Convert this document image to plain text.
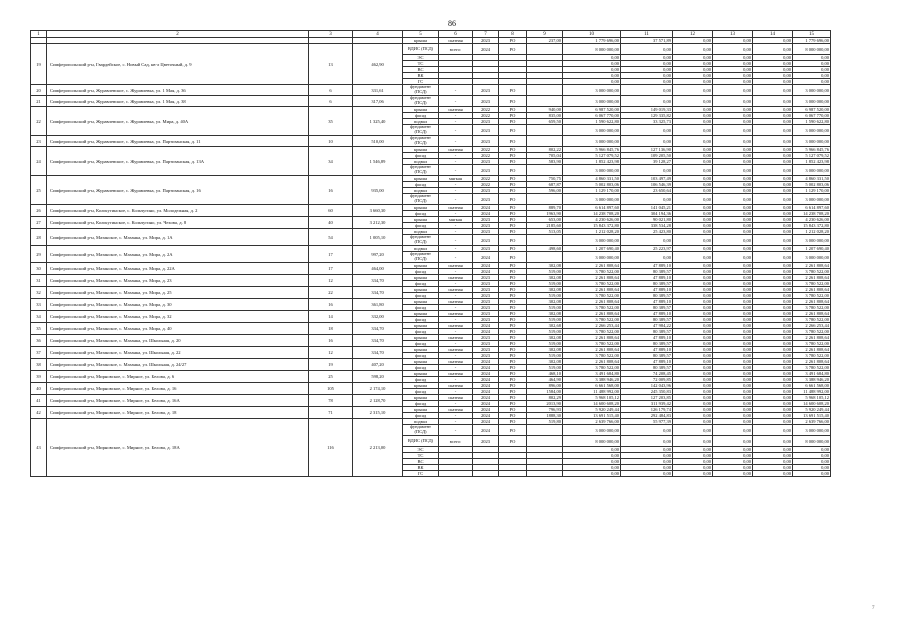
86
1	2	3	4	5	6	7	8	9	10	11	12	13	14	15
				крыша	скатная	2023	РО	237,00	1 779 696,00	37 571,89	0,00	0,00	0,00	1 779 696,00
19	Симферопольский р-н, Гвардейское, с. Новый Сад, кв-л Цветочный, д. 9	13	462,90	ВДИС (ПСД)	всего:	2024	РО		8 000 000,00	0,00	0,00	0,00	0,00	8 000 000,00
				ЭС					0,00	0,00	0,00	0,00	0,00	0,00
				ТС					0,00	0,00	0,00	0,00	0,00	0,00
				ВС					0,00	0,00	0,00	0,00	0,00	0,00
				ВК					0,00	0,00	0,00	0,00	0,00	0,00
				ГС					0,00	0,00	0,00	0,00	0,00	0,00
20	Симферопольский р-н, Журавлевское, с. Журавлевка, ул. 1 Мая, д. 36	6	331,61	фундамент (ПСД)	-	2023	РО		3 000 000,00	0,00	0,00	0,00	0,00	3 000 000,00
21	Симферопольский р-н, Журавлевское, с. Журавлевка, ул. 1 Мая, д. 38	6	317,06	фундамент (ПСД)	-	2023	РО		3 000 000,00	0,00	0,00	0,00	0,00	3 000 000,00
22	Симферопольский р-н, Журавлевское, с. Журавлевка, ул. Мира, д. 40А	35	1 325,40	крыша	скатная	2022	РО	940,00	6 987 520,00	149 019,33	0,00	0,00	0,00	6 987 520,00
				фасад	-	2022	РО	835,00	6 067 770,00	129 335,82	0,00	0,00	0,00	6 067 770,00
				подвал	-	2023	РО	659,50	1 590 622,80	33 325,73	0,00	0,00	0,00	1 590 622,80
				фундамент (ПСД)	-	2023	РО		3 000 000,00	0,00	0,00	0,00	0,00	3 000 000,00
23	Симферопольский р-н, Журавлевское, с. Журавлевка, ул. Партизанская, д. 11	10	510,00	фундамент (ПСД)	-	2023	РО		3 000 000,00	0,00	0,00	0,00	0,00	3 000 000,00
24	Симферопольский р-н, Журавлевское, с. Журавлевка, ул. Партизанская, д. 13А	34	1 546,89	крыша	скатная	2022	РО	802,22	5 966 845,76	127 136,90	0,00	0,00	0,00	5 966 845,76
				фасад	-	2022	РО	705,04	5 127 079,52	109 205,50	0,00	0,00	0,00	5 127 079,52
				подвал	-	2023	РО	583,90	1 852 423,98	39 128,27	0,00	0,00	0,00	1 852 423,98
				фундамент (ПСД)	-	2023	РО		3 000 000,00	0,00	0,00	0,00	0,00	3 000 000,00
25	Симферопольский р-н, Журавлевское, с. Журавлевка, ул. Партизанская, д. 16	16	935,00	крыша	мягкая	2022	РО	750,75	4 860 331,50	103 497,49	0,00	0,00	0,00	4 860 331,50
				фасад	-	2022	РО	687,87	5 002 803,06	106 546,39	0,00	0,00	0,00	5 002 803,06
				подвал	-	2023	РО	596,00	1 129 170,00	23 650,64	0,00	0,00	0,00	1 129 170,00
				фундамент (ПСД)	-	2023	РО		3 000 000,00	0,00	0,00	0,00	0,00	3 000 000,00
26	Симферопольский р-н, Кольчугинское, с. Кольчугино, ул. Молодежная, д. 2	60	3 660,30	крыша	скатная	2024	РО	889,70	6 614 897,60	141 045,21	0,00	0,00	0,00	6 614 897,60
				фасад	-	2024	РО	1963,90	14 238 708,20	304 194,36	0,00	0,00	0,00	14 238 708,20
27	Симферопольский р-н, Кольчугинское, с. Кольчугино, ул. Чехова, д. 8	40	3 212,30	крыша	мягкая	2023	РО	653,00	4 230 626,00	90 021,80	0,00	0,00	0,00	4 230 626,00
				фасад	-	2023	РО	2185,60	15 843 372,80	338 534,28	0,00	0,00	0,00	15 843 372,80
28	Симферопольский р-н, Мазанское, с. Мазанка, ул. Мира, д. 1А	54	1 005,10	подвал	-	2023	РО	513,05	1 212 028,20	25 423,80	0,00	0,00	0,00	1 212 028,20
				фундамент (ПСД)	-	2023	РО		3 000 000,00	0,00	0,00	0,00	0,00	3 000 000,00
29	Симферопольский р-н, Мазанское, с. Мазанка, ул. Мира, д. 2А	17	997,20	подвал	-	2023	РО	498,60	1 207 690,40	25 223,97	0,00	0,00	0,00	1 207 690,40
				фундамент (ПСД)	-	2024	РО		3 000 000,00	0,00	0,00	0,00	0,00	3 000 000,00
30	Симферопольский р-н, Мазанское, с. Мазанка, ул. Мира, д. 22А	17	464,00	крыша	скатная	2024	РО	302,08	2 261 808,64	47 889,10	0,00	0,00	0,00	2 261 808,64
				фасад	-	2024	РО	519,00	3 780 522,00	80 389,57	0,00	0,00	0,00	3 780 522,00
31	Симферопольский р-н, Мазанское, с. Мазанка, ул. Мира, д. 23	12	334,70	крыша	скатная	2023	РО	302,08	2 261 808,64	47 889,10	0,00	0,00	0,00	2 261 808,64
				фасад	-	2023	РО	519,00	3 780 522,00	80 389,57	0,00	0,00	0,00	3 780 522,00
32	Симферопольский р-н, Мазанское, с. Мазанка, ул. Мира, д. 25	22	334,70	крыша	скатная	2023	РО	302,08	2 261 808,64	47 889,10	0,00	0,00	0,00	2 261 808,64
				фасад	-	2023	РО	519,00	3 780 522,00	80 389,57	0,00	0,00	0,00	3 780 522,00
33	Симферопольский р-н, Мазанское, с. Мазанка, ул. Мира, д. 30	16	361,80	крыша	скатная	2023	РО	302,08	2 261 808,64	47 889,10	0,00	0,00	0,00	2 261 808,64
				фасад	-	2023	РО	519,00	3 780 522,00	80 389,57	0,00	0,00	0,00	3 780 522,00
34	Симферопольский р-н, Мазанское, с. Мазанка, ул. Мира, д. 32	14	332,00	крыша	скатная	2023	РО	302,08	2 261 808,64	47 889,10	0,00	0,00	0,00	2 261 808,64
				фасад	-	2023	РО	519,00	3 780 522,00	80 389,57	0,00	0,00	0,00	3 780 522,00
35	Симферопольский р-н, Мазанское, с. Мазанка, ул. Мира, д. 40	18	334,70	крыша	скатная	2024	РО	302,68	2 266 253,44	47 984,22	0,00	0,00	0,00	2 266 253,44
				фасад	-	2024	РО	519,00	3 780 522,00	80 389,57	0,00	0,00	0,00	3 780 522,00
36	Симферопольский р-н, Мазанское, с. Мазанка, ул. Школьная, д. 20	16	334,70	крыша	скатная	2023	РО	302,08	2 261 808,64	47 889,10	0,00	0,00	0,00	2 261 808,64
				фасад	-	2023	РО	519,00	3 780 522,00	80 389,57	0,00	0,00	0,00	3 780 522,00
37	Симферопольский р-н, Мазанское, с. Мазанка, ул. Школьная, д. 22	12	334,70	крыша	скатная	2023	РО	302,08	2 261 808,64	47 889,10	0,00	0,00	0,00	2 261 808,64
				фасад	-	2023	РО	519,00	3 780 522,00	80 389,57	0,00	0,00	0,00	3 780 522,00
38	Симферопольский р-н, Мазанское, с. Мазанка, ул. Школьная, д. 24/27	19	407,20	крыша	скатная	2024	РО	302,08	2 261 808,64	47 889,10	0,00	0,00	0,00	2 261 808,64
				фасад	-	2024	РО	519,00	3 780 522,00	80 389,57	0,00	0,00	0,00	3 780 522,00
39	Симферопольский р-н, Мирновское, с. Мирное, ул. Белова, д. 6	25	598,20	крыша	скатная	2024	РО	468,10	3 491 684,80	74 208,45	0,00	0,00	0,00	3 491 684,80
				фасад	-	2024	РО	464,90	3 388 946,20	72 009,85	0,00	0,00	0,00	3 388 946,20
40	Симферопольский р-н, Мирновское, с. Мирное, ул. Белова, д. 16	105	2 174,10	крыша	скатная	2024	РО	896,00	6 661 568,00	142 043,96	0,00	0,00	0,00	6 661 568,00
				фасад	-	2024	РО	1584,00	11 488 992,00	245 350,83	0,00	0,00	0,00	11 488 992,00
41	Симферопольский р-н, Мирновское, с. Мирное, ул. Белова, д. 16А	78	2 128,70	крыша	скатная	2024	РО	802,29	5 968 105,12	127 203,85	0,00	0,00	0,00	5 968 105,12
				фасад	-	2024	РО	2013,90	14 600 608,20	311 939,42	0,00	0,00	0,00	14 600 608,20
42	Симферопольский р-н, Мирновское, с. Мирное, ул. Белова, д. 18	71	2 315,10	крыша	скатная	2024	РО	796,93	5 920 249,44	126 179,74	0,00	0,00	0,00	5 920 249,44
				фасад	-	2024	РО	1888,30	13 691 515,40	292 484,83	0,00	0,00	0,00	13 691 515,40
43	Симферопольский р-н, Мирновское, с. Мирное, ул. Белова, д. 18А	116	2 213,00	подвал	-	2024	РО	519,80	2 639 766,00	55 977,39	0,00	0,00	0,00	2 639 766,00
				фундамент (ПСД)	-	2024	РО		3 000 000,00	0,00	0,00	0,00	0,00	3 000 000,00
				ВДИС (ПСД)	всего:	2023	РО		8 000 000,00	0,00	0,00	0,00	0,00	8 000 000,00
				ЭС					0,00	0,00	0,00	0,00	0,00	0,00
				ТС					0,00	0,00	0,00	0,00	0,00	0,00
				ВС					0,00	0,00	0,00	0,00	0,00	0,00
				ВК					0,00	0,00	0,00	0,00	0,00	0,00
				ГС					0,00	0,00	0,00	0,00	0,00	0,00
7
